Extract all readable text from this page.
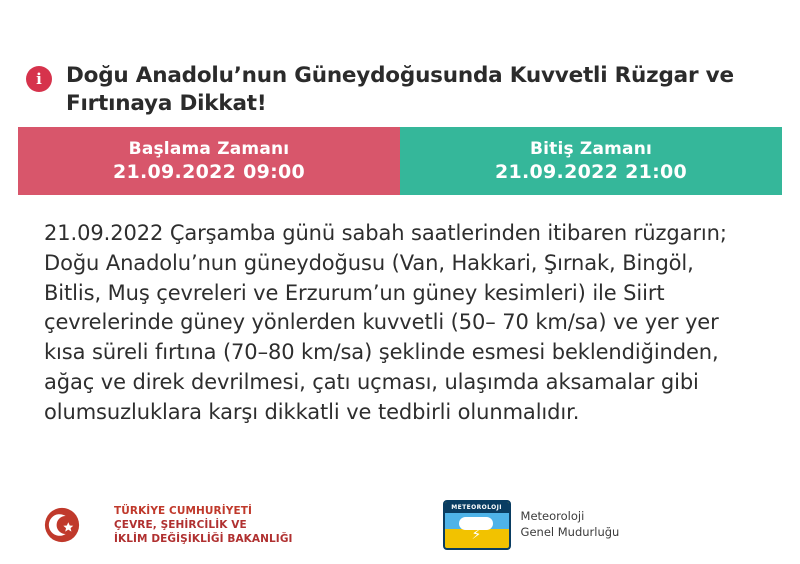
i	Doğu Anadolu’nun Güneydoğusunda Kuvvetli Rüzgar ve Fırtınaya Dikkat!
Başlama Zamanı
21.09.2022 09:00
Bitiş Zamanı
21.09.2022 21:00
21.09.2022 Çarşamba günü sabah saatlerinden itibaren rüzgarın; Doğu Anadolu’nun güneydoğusu (Van, Hakkari, Şırnak, Bingöl, Bitlis, Muş çevreleri ve Erzurum’un güney kesimleri) ile Siirt çevrelerinde güney yönlerden kuvvetli (50– 70 km/sa) ve yer yer kısa süreli fırtına (70–80 km/sa) şeklinde esmesi beklendiğinden, ağaç ve direk devrilmesi, çatı uçması, ulaşımda aksamalar gibi olumsuzluklara karşı dikkatli ve tedbirli olunmalıdır.
TÜRKİYE CUMHURİYETİ
ÇEVRE, ŞEHİRCİLİK VE
İKLİM DEĞİŞİKLİĞİ BAKANLIĞI
METEOROLOJI
⚡
Meteoroloji
Genel Mudurluğu
